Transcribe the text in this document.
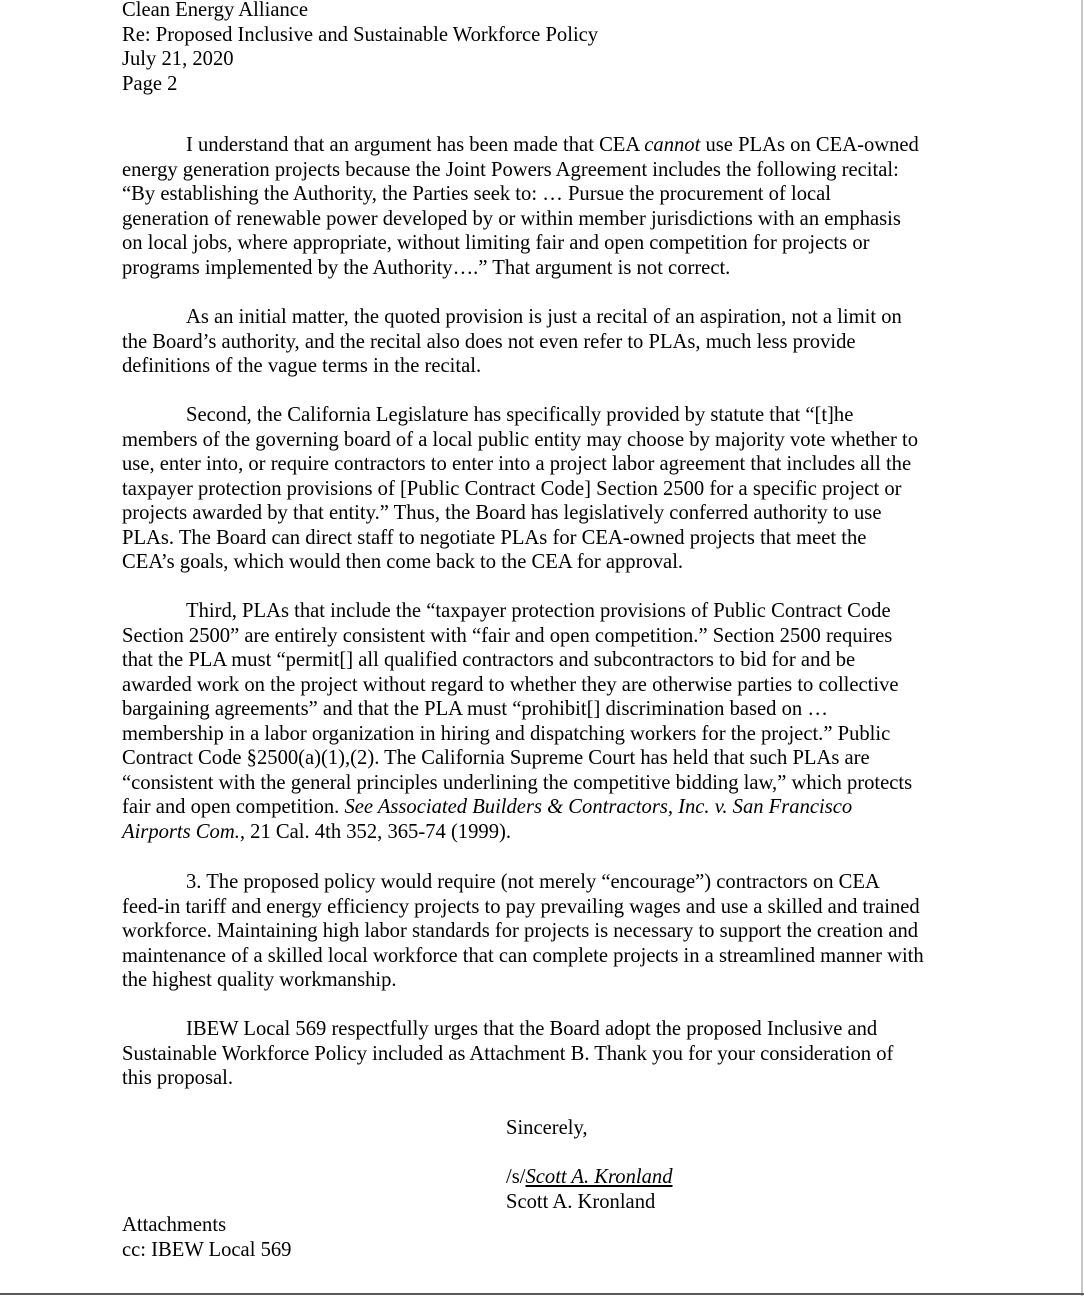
Clean Energy Alliance
Re: Proposed Inclusive and Sustainable Workforce Policy
July 21, 2020
Page 2
I understand that an argument has been made that CEA cannot use PLAs on CEA-owned
energy generation projects because the Joint Powers Agreement includes the following recital:
“By establishing the Authority, the Parties seek to: … Pursue the procurement of local
generation of renewable power developed by or within member jurisdictions with an emphasis
on local jobs, where appropriate, without limiting fair and open competition for projects or
programs implemented by the Authority….” That argument is not correct.
As an initial matter, the quoted provision is just a recital of an aspiration, not a limit on
the Board’s authority, and the recital also does not even refer to PLAs, much less provide
definitions of the vague terms in the recital.
Second, the California Legislature has specifically provided by statute that “[t]he
members of the governing board of a local public entity may choose by majority vote whether to
use, enter into, or require contractors to enter into a project labor agreement that includes all the
taxpayer protection provisions of [Public Contract Code] Section 2500 for a specific project or
projects awarded by that entity.” Thus, the Board has legislatively conferred authority to use
PLAs. The Board can direct staff to negotiate PLAs for CEA-owned projects that meet the
CEA’s goals, which would then come back to the CEA for approval.
Third, PLAs that include the “taxpayer protection provisions of Public Contract Code
Section 2500” are entirely consistent with “fair and open competition.” Section 2500 requires
that the PLA must “permit[] all qualified contractors and subcontractors to bid for and be
awarded work on the project without regard to whether they are otherwise parties to collective
bargaining agreements” and that the PLA must “prohibit[] discrimination based on …
membership in a labor organization in hiring and dispatching workers for the project.” Public
Contract Code §2500(a)(1),(2). The California Supreme Court has held that such PLAs are
“consistent with the general principles underlining the competitive bidding law,” which protects
fair and open competition. See Associated Builders & Contractors, Inc. v. San Francisco
Airports Com., 21 Cal. 4th 352, 365-74 (1999).
3. The proposed policy would require (not merely “encourage”) contractors on CEA
feed-in tariff and energy efficiency projects to pay prevailing wages and use a skilled and trained
workforce. Maintaining high labor standards for projects is necessary to support the creation and
maintenance of a skilled local workforce that can complete projects in a streamlined manner with
the highest quality workmanship.
IBEW Local 569 respectfully urges that the Board adopt the proposed Inclusive and
Sustainable Workforce Policy included as Attachment B. Thank you for your consideration of
this proposal.
Sincerely,
/s/Scott A. Kronland
Scott A. Kronland
Attachments
cc: IBEW Local 569
